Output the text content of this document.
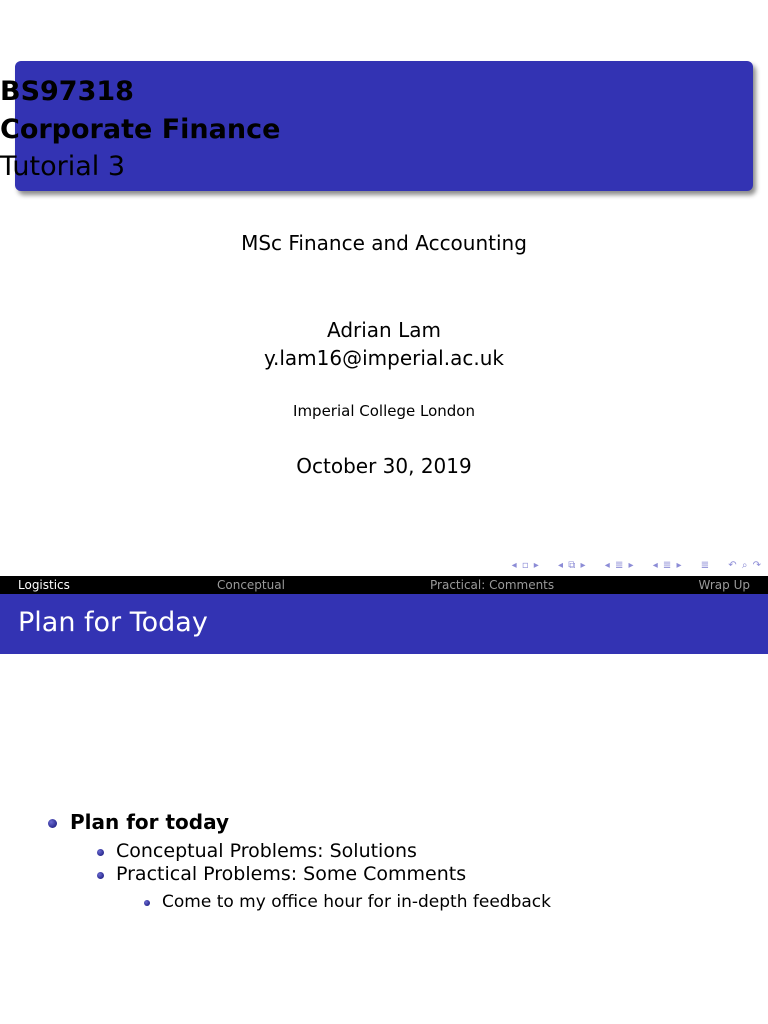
BS97318
Corporate Finance
Tutorial 3
MSc Finance and Accounting
Adrian Lam
y.lam16@imperial.ac.uk
Imperial College London
October 30, 2019
◂ ▫ ▸ ◂ ⧉ ▸ ◂ ≣ ▸ ◂ ≣ ▸ ≣ ↶ ⌕ ↷
Logistics	Conceptual	Practical: Comments	Wrap Up
Plan for Today
Plan for today
Conceptual Problems: Solutions
Practical Problems: Some Comments
Come to my office hour for in-depth feedback
